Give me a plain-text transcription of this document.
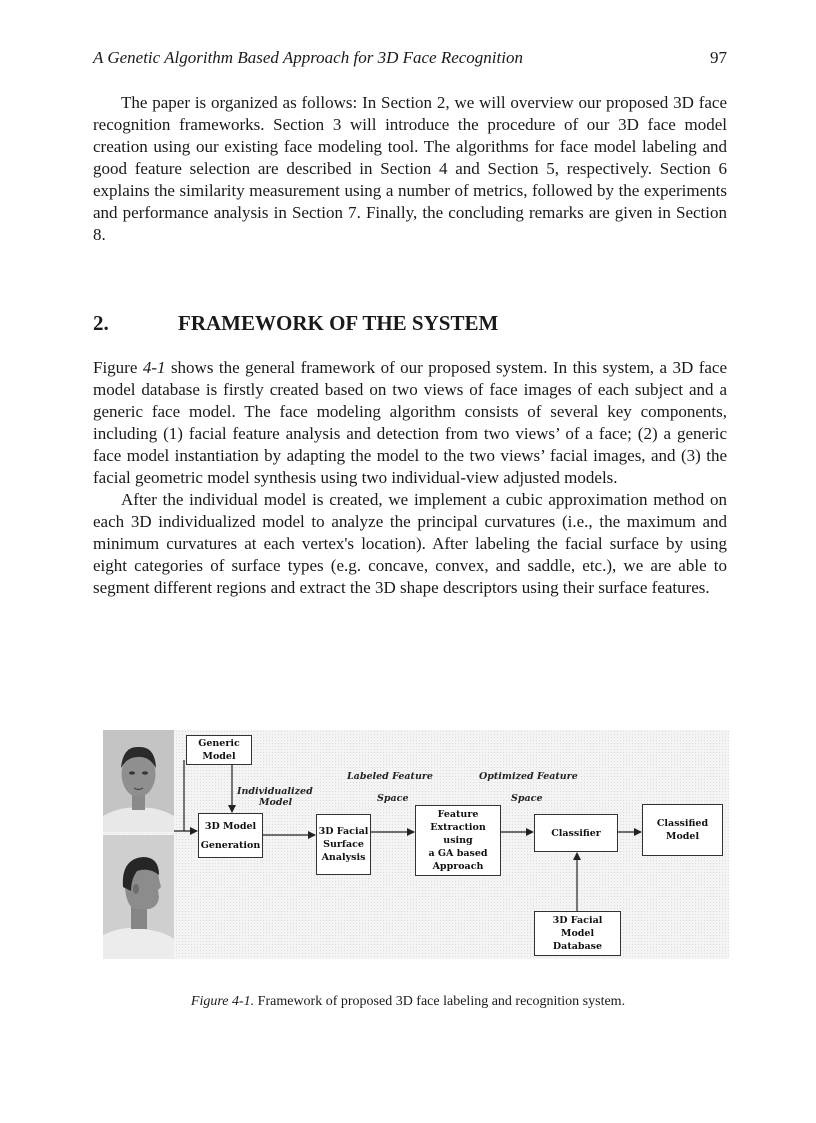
A Genetic Algorithm Based Approach for 3D Face Recognition	97

The paper is organized as follows: In Section 2, we will overview our proposed 3D face recognition frameworks. Section 3 will introduce the procedure of our 3D face model creation using our existing face modeling tool. The algorithms for face model labeling and good feature selection are described in Section 4 and Section 5, respectively. Section 6 explains the similarity measurement using a number of metrics, followed by the experiments and performance analysis in Section 7. Finally, the concluding remarks are given in Section 8.

2.	FRAMEWORK OF THE SYSTEM

Figure 4-1 shows the general framework of our proposed system. In this system, a 3D face model database is firstly created based on two views of face images of each subject and a generic face model. The face modeling algorithm consists of several key components, including (1) facial feature analysis and detection from two views’ of a face; (2) a generic face model instantiation by adapting the model to the two views’ facial images, and (3) the facial geometric model synthesis using two individual-view adjusted models.

After the individual model is created, we implement a cubic approximation method on each 3D individualized model to analyze the principal curvatures (i.e., the maximum and minimum curvatures at each vertex's location). After labeling the facial surface by using eight categories of surface types (e.g. concave, convex, and saddle, etc.), we are able to segment different regions and extract the 3D shape descriptors using their surface features.

Generic Model
3D Model
Generation
3D Facial
Surface
Analysis
Feature
Extraction using
a GA based
Approach
Classifier
Classified
Model
3D Facial Model
Database
Individualized
Model
Labeled Feature
Space
Optimized Feature
Space
Figure 4-1. Framework of proposed 3D face labeling and recognition system.
